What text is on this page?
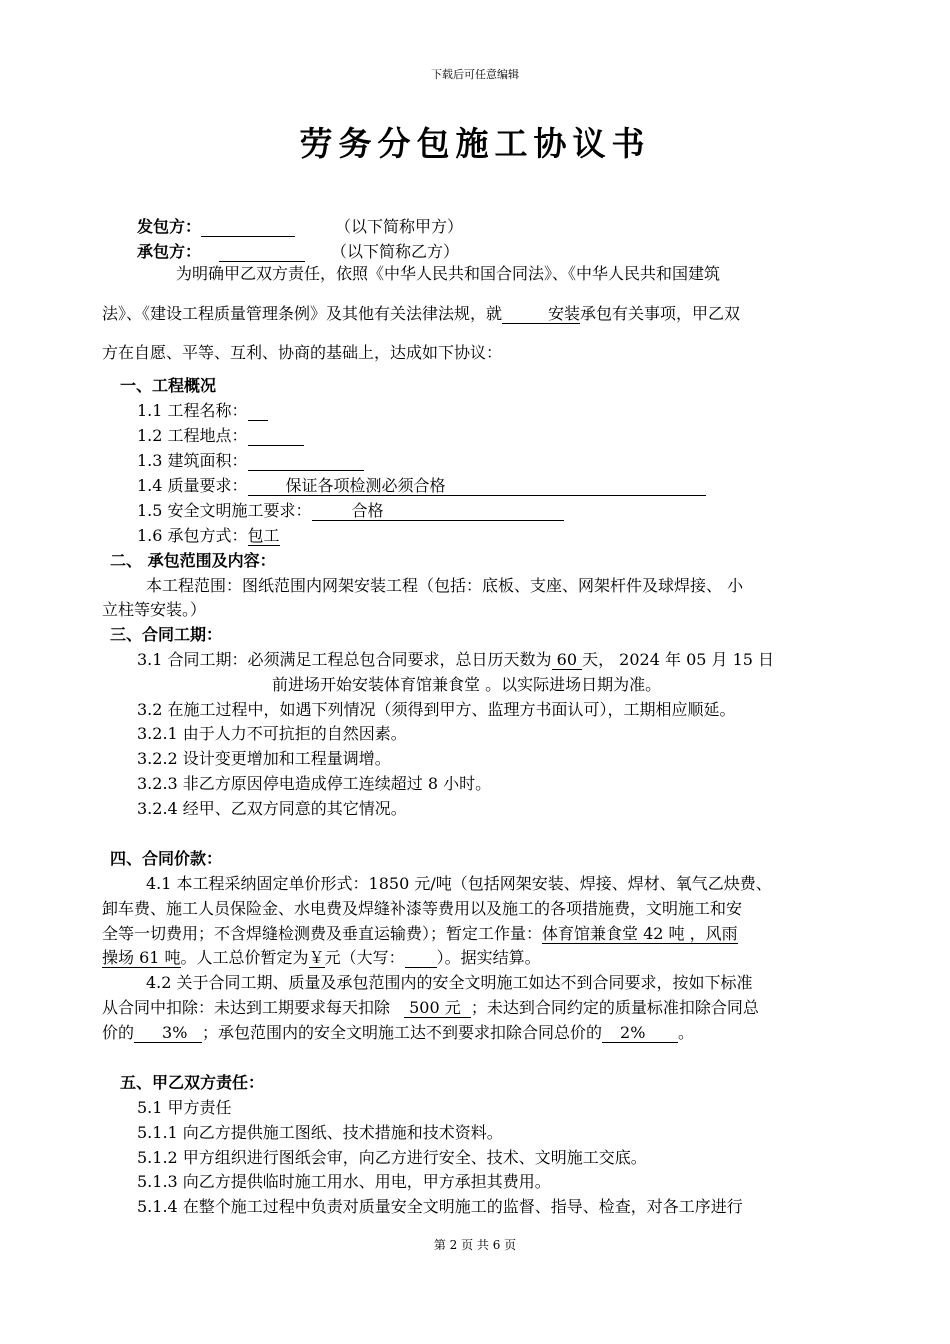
下载后可任意编辑
劳务分包施工协议书
发包方：	（以下简称甲方）
承包方：	（以下简称乙方）
为明确甲乙双方责任，依照《中华人民共和国合同法》、《中华人民共和国建筑
法》、《建设工程质量管理条例》及其他有关法律法规，就	安装承包有关事项，甲乙双
方在自愿、平等、互利、协商的基础上，达成如下协议：
一、工程概况
1.1 工程名称：
1.2 工程地点：
1.3 建筑面积：
1.4 质量要求： 保证各项检测必须合格
1.5 安全文明施工要求：	合格
1.6 承包方式：包工
二、 承包范围及内容：
本工程范围：图纸范围内网架安装工程（包括：底板、支座、网架杆件及球焊接、 小
立柱等安装。）
三、合同工期：
3.1 合同工期：必须满足工程总包合同要求，总日历天数为 60 天， 2024 年 05 月 15 日
前进场开始安装体育馆兼食堂 。以实际进场日期为准。
3.2 在施工过程中，如遇下列情况（须得到甲方、监理方书面认可），工期相应顺延。
3.2.1 由于人力不可抗拒的自然因素。
3.2.2 设计变更增加和工程量调增。
3.2.3 非乙方原因停电造成停工连续超过 8 小时。
3.2.4 经甲、乙双方同意的其它情况。
四、合同价款：
4.1 本工程采纳固定单价形式：1850 元/吨（包括网架安装、焊接、焊材、氧气乙炔费、
卸车费、施工人员保险金、水电费及焊缝补漆等费用以及施工的各项措施费，文明施工和安
全等一切费用；不含焊缝检测费及垂直运输费）；暂定工作量：体育馆兼食堂 42 吨 ，风雨
操场 61 吨。人工总价暂定为￥元（大写： ）。据实结算。
4.2 关于合同工期、质量及承包范围内的安全文明施工如达不到合同要求，按如下标准
从合同中扣除：未达到工期要求每天扣除 500 元 ；未达到合同约定的质量标准扣除合同总
价的 3% ；承包范围内的安全文明施工达不到要求扣除合同总价的 2% 。
五、甲乙双方责任：
5.1 甲方责任
5.1.1 向乙方提供施工图纸、技术措施和技术资料。
5.1.2 甲方组织进行图纸会审，向乙方进行安全、技术、文明施工交底。
5.1.3 向乙方提供临时施工用水、用电，甲方承担其费用。
5.1.4 在整个施工过程中负责对质量安全文明施工的监督、指导、检查，对各工序进行
第 2 页 共 6 页
